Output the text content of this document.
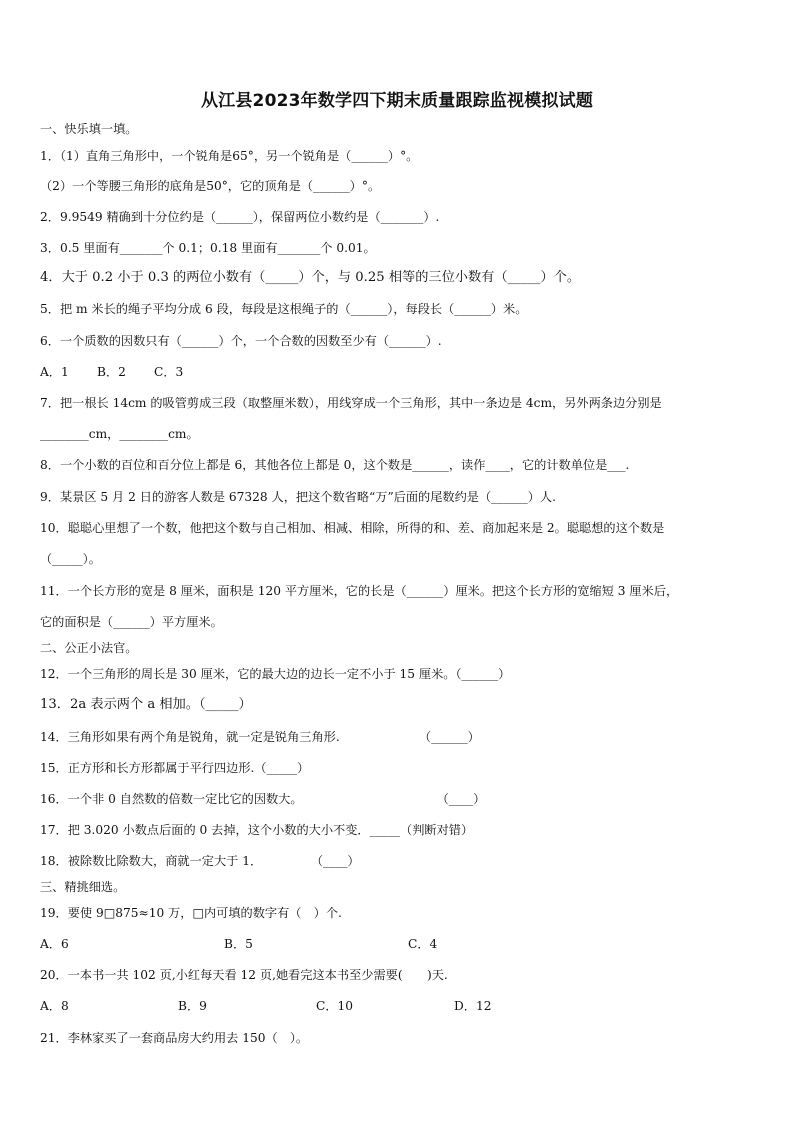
从江县2023年数学四下期末质量跟踪监视模拟试题
一、快乐填一填。
1．（1）直角三角形中，一个锐角是65°，另一个锐角是（______）°。
（2）一个等腰三角形的底角是50°，它的顶角是（______）°。
2．9.9549 精确到十分位约是（______），保留两位小数约是（_______）.
3．0.5 里面有_______个 0.1；0.18 里面有_______个 0.01。
4．大于 0.2 小于 0.3 的两位小数有（_____）个，与 0.25 相等的三位小数有（_____）个。
5．把 m 米长的绳子平均分成 6 段，每段是这根绳子的（______），每段长（______）米。
6．一个质数的因数只有（______）个，一个合数的因数至少有（______）.
A．1 B．2 C．3
7．把一根长 14cm 的吸管剪成三段（取整厘米数），用线穿成一个三角形，其中一条边是 4cm，另外两条边分别是
________cm，________cm。
8．一个小数的百位和百分位上都是 6，其他各位上都是 0，这个数是______，读作____，它的计数单位是___.
9．某景区 5 月 2 日的游客人数是 67328 人，把这个数省略“万”后面的尾数约是（______）人.
10．聪聪心里想了一个数，他把这个数与自己相加、相减、相除，所得的和、差、商加起来是 2。聪聪想的这个数是
（_____）。
11．一个长方形的宽是 8 厘米，面积是 120 平方厘米，它的长是（______）厘米。把这个长方形的宽缩短 3 厘米后，
它的面积是（______）平方厘米。
二、公正小法官。
12．一个三角形的周长是 30 厘米，它的最大边的边长一定不小于 15 厘米。（______）
13．2a 表示两个 a 相加。（_____）
14．三角形如果有两个角是锐角，就一定是锐角三角形.　　　　　　　（______）
15．正方形和长方形都属于平行四边形.（_____）
16．一个非 0 自然数的倍数一定比它的因数大。　　　　　　　　　　　　（____）
17．把 3.020 小数点后面的 0 去掉，这个小数的大小不变．_____（判断对错）
18．被除数比除数大，商就一定大于 1．　　　　　（____）
三、精挑细选。
19．要使 9□875≈10 万，□内可填的数字有（　）个.
A．6	B．5	C．4
20．一本书一共 102 页,小红每天看 12 页,她看完这本书至少需要(　　)天.
A．8	B．9	C．10	D．12
21．李林家买了一套商品房大约用去 150（　）。
